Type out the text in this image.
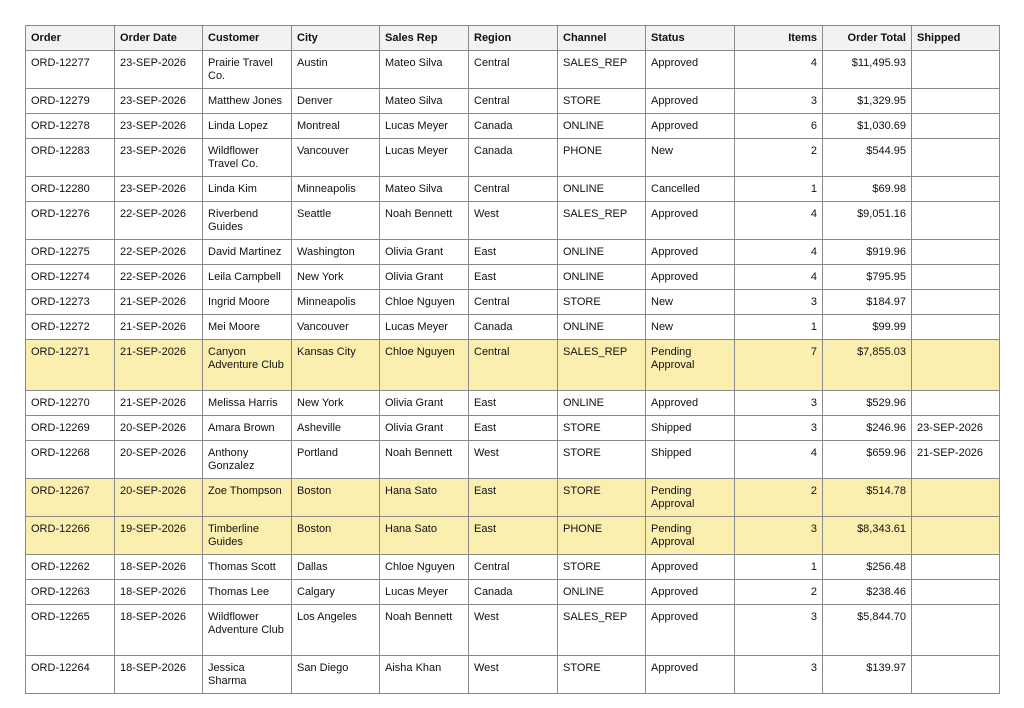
Order	Order Date	Customer	City	Sales Rep	Region	Channel	Status	Items	Order Total	Shipped
ORD-12277	23-SEP-2026	Prairie Travel Co.	Austin	Mateo Silva	Central	SALES_REP	Approved	4	$11,495.93	
ORD-12279	23-SEP-2026	Matthew Jones	Denver	Mateo Silva	Central	STORE	Approved	3	$1,329.95	
ORD-12278	23-SEP-2026	Linda Lopez	Montreal	Lucas Meyer	Canada	ONLINE	Approved	6	$1,030.69	
ORD-12283	23-SEP-2026	Wildflower Travel Co.	Vancouver	Lucas Meyer	Canada	PHONE	New	2	$544.95	
ORD-12280	23-SEP-2026	Linda Kim	Minneapolis	Mateo Silva	Central	ONLINE	Cancelled	1	$69.98	
ORD-12276	22-SEP-2026	Riverbend Guides	Seattle	Noah Bennett	West	SALES_REP	Approved	4	$9,051.16	
ORD-12275	22-SEP-2026	David Martinez	Washington	Olivia Grant	East	ONLINE	Approved	4	$919.96	
ORD-12274	22-SEP-2026	Leila Campbell	New York	Olivia Grant	East	ONLINE	Approved	4	$795.95	
ORD-12273	21-SEP-2026	Ingrid Moore	Minneapolis	Chloe Nguyen	Central	STORE	New	3	$184.97	
ORD-12272	21-SEP-2026	Mei Moore	Vancouver	Lucas Meyer	Canada	ONLINE	New	1	$99.99	
ORD-12271	21-SEP-2026	Canyon Adventure Club	Kansas City	Chloe Nguyen	Central	SALES_REP	Pending Approval	7	$7,855.03	
ORD-12270	21-SEP-2026	Melissa Harris	New York	Olivia Grant	East	ONLINE	Approved	3	$529.96	
ORD-12269	20-SEP-2026	Amara Brown	Asheville	Olivia Grant	East	STORE	Shipped	3	$246.96	23-SEP-2026
ORD-12268	20-SEP-2026	Anthony Gonzalez	Portland	Noah Bennett	West	STORE	Shipped	4	$659.96	21-SEP-2026
ORD-12267	20-SEP-2026	Zoe Thompson	Boston	Hana Sato	East	STORE	Pending Approval	2	$514.78	
ORD-12266	19-SEP-2026	Timberline Guides	Boston	Hana Sato	East	PHONE	Pending Approval	3	$8,343.61	
ORD-12262	18-SEP-2026	Thomas Scott	Dallas	Chloe Nguyen	Central	STORE	Approved	1	$256.48	
ORD-12263	18-SEP-2026	Thomas Lee	Calgary	Lucas Meyer	Canada	ONLINE	Approved	2	$238.46	
ORD-12265	18-SEP-2026	Wildflower Adventure Club	Los Angeles	Noah Bennett	West	SALES_REP	Approved	3	$5,844.70	
ORD-12264	18-SEP-2026	Jessica Sharma	San Diego	Aisha Khan	West	STORE	Approved	3	$139.97	
